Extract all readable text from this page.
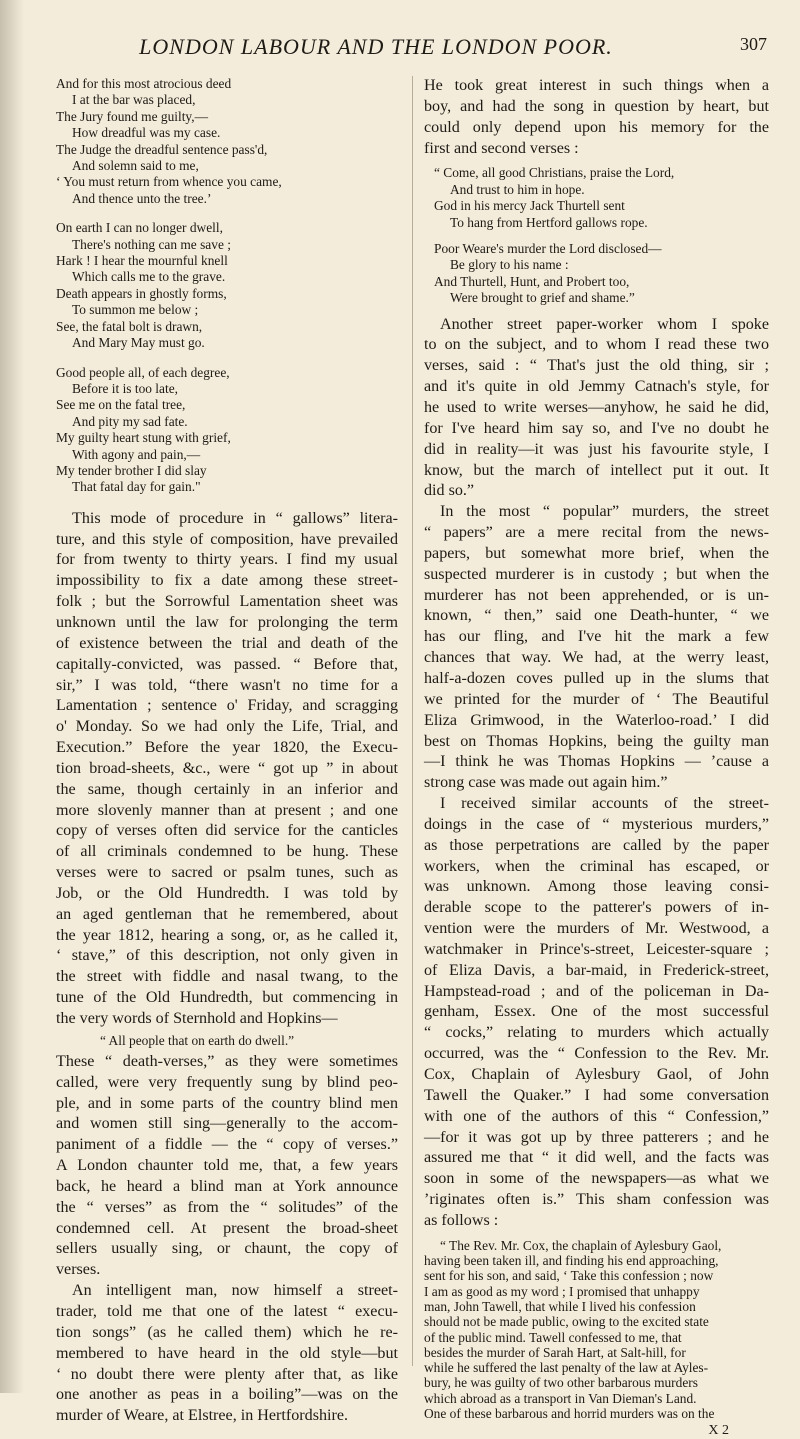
LONDON LABOUR AND THE LONDON POOR.	307
And for this most atrocious deed
I at the bar was placed,
The Jury found me guilty,—
How dreadful was my case.
The Judge the dreadful sentence pass'd,
And solemn said to me,
‘ You must return from whence you came,
And thence unto the tree.’
On earth I can no longer dwell,
There's nothing can me save ;
Hark ! I hear the mournful knell
Which calls me to the grave.
Death appears in ghostly forms,
To summon me below ;
See, the fatal bolt is drawn,
And Mary May must go.
Good people all, of each degree,
Before it is too late,
See me on the fatal tree,
And pity my sad fate.
My guilty heart stung with grief,
With agony and pain,—
My tender brother I did slay
That fatal day for gain."
This mode of procedure in “ gallows” litera-
ture, and this style of composition, have prevailed
for from twenty to thirty years. I find my usual
impossibility to fix a date among these street-
folk ; but the Sorrowful Lamentation sheet was
unknown until the law for prolonging the term
of existence between the trial and death of the
capitally-convicted, was passed. “ Before that,
sir,” I was told, “there wasn't no time for a
Lamentation ; sentence o' Friday, and scragging
o' Monday. So we had only the Life, Trial, and
Execution.” Before the year 1820, the Execu-
tion broad-sheets, &c., were “ got up ” in about
the same, though certainly in an inferior and
more slovenly manner than at present ; and one
copy of verses often did service for the canticles
of all criminals condemned to be hung. These
verses were to sacred or psalm tunes, such as
Job, or the Old Hundredth. I was told by
an aged gentleman that he remembered, about
the year 1812, hearing a song, or, as he called it,
‘ stave,” of this description, not only given in
the street with fiddle and nasal twang, to the
tune of the Old Hundredth, but commencing in
the very words of Sternhold and Hopkins—
“ All people that on earth do dwell.”
These “ death-verses,” as they were sometimes
called, were very frequently sung by blind peo-
ple, and in some parts of the country blind men
and women still sing—generally to the accom-
paniment of a fiddle — the “ copy of verses.”
A London chaunter told me, that, a few years
back, he heard a blind man at York announce
the “ verses” as from the “ solitudes” of the
condemned cell. At present the broad-sheet
sellers usually sing, or chaunt, the copy of
verses.
An intelligent man, now himself a street-
trader, told me that one of the latest “ execu-
tion songs” (as he called them) which he re-
membered to have heard in the old style—but
‘ no doubt there were plenty after that, as like
one another as peas in a boiling”—was on the
murder of Weare, at Elstree, in Hertfordshire.
He took great interest in such things when a
boy, and had the song in question by heart, but
could only depend upon his memory for the
first and second verses :
“ Come, all good Christians, praise the Lord,
And trust to him in hope.
God in his mercy Jack Thurtell sent
To hang from Hertford gallows rope.
Poor Weare's murder the Lord disclosed—
Be glory to his name :
And Thurtell, Hunt, and Probert too,
Were brought to grief and shame.”
Another street paper-worker whom I spoke
to on the subject, and to whom I read these two
verses, said : “ That's just the old thing, sir ;
and it's quite in old Jemmy Catnach's style, for
he used to write werses—anyhow, he said he did,
for I've heard him say so, and I've no doubt he
did in reality—it was just his favourite style, I
know, but the march of intellect put it out. It
did so.”
In the most “ popular” murders, the street
“ papers” are a mere recital from the news-
papers, but somewhat more brief, when the
suspected murderer is in custody ; but when the
murderer has not been apprehended, or is un-
known, “ then,” said one Death-hunter, “ we
has our fling, and I've hit the mark a few
chances that way. We had, at the werry least,
half-a-dozen coves pulled up in the slums that
we printed for the murder of ‘ The Beautiful
Eliza Grimwood, in the Waterloo-road.’ I did
best on Thomas Hopkins, being the guilty man
—I think he was Thomas Hopkins — ’cause a
strong case was made out again him.”
I received similar accounts of the street-
doings in the case of “ mysterious murders,”
as those perpetrations are called by the paper
workers, when the criminal has escaped, or
was unknown. Among those leaving consi-
derable scope to the patterer's powers of in-
vention were the murders of Mr. Westwood, a
watchmaker in Prince's-street, Leicester-square ;
of Eliza Davis, a bar-maid, in Frederick-street,
Hampstead-road ; and of the policeman in Da-
genham, Essex. One of the most successful
“ cocks,” relating to murders which actually
occurred, was the “ Confession to the Rev. Mr.
Cox, Chaplain of Aylesbury Gaol, of John
Tawell the Quaker.” I had some conversation
with one of the authors of this “ Confession,”
—for it was got up by three patterers ; and he
assured me that “ it did well, and the facts was
soon in some of the newspapers—as what we
’riginates often is.” This sham confession was
as follows :
“ The Rev. Mr. Cox, the chaplain of Aylesbury Gaol,
having been taken ill, and finding his end approaching,
sent for his son, and said, ‘ Take this confession ; now
I am as good as my word ; I promised that unhappy
man, John Tawell, that while I lived his confession
should not be made public, owing to the excited state
of the public mind. Tawell confessed to me, that
besides the murder of Sarah Hart, at Salt-hill, for
while he suffered the last penalty of the law at Ayles-
bury, he was guilty of two other barbarous murders
which abroad as a transport in Van Dieman's Land.
One of these barbarous and horrid murders was on the
X 2
